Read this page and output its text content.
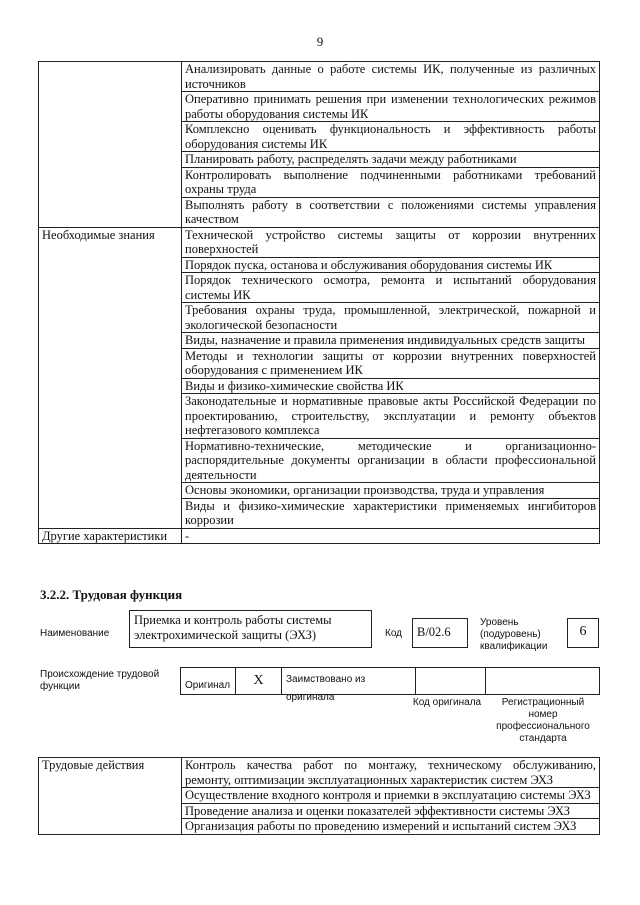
9
	Анализировать данные о работе системы ИК, полученные из различных источников
	Оперативно принимать решения при изменении технологических режимов работы оборудования системы ИК
	Комплексно оценивать функциональность и эффективность работы оборудования системы ИК
	Планировать работу, распределять задачи между работниками
	Контролировать выполнение подчиненными работниками требований охраны труда
	Выполнять работу в соответствии с положениями системы управления качеством
Необходимые знания	Технической устройство системы защиты от коррозии внутренних поверхностей
	Порядок пуска, останова и обслуживания оборудования системы ИК
	Порядок технического осмотра, ремонта и испытаний оборудования системы ИК
	Требования охраны труда, промышленной, электрической, пожарной и экологической безопасности
	Виды, назначение и правила применения индивидуальных средств защиты
	Методы и технологии защиты от коррозии внутренних поверхностей оборудования с применением ИК
	Виды и физико-химические свойства ИК
	Законодательные и нормативные правовые акты Российской Федерации по проектированию, строительству, эксплуатации и ремонту объектов нефтегазового комплекса
	Нормативно-технические, методические и организационно-распорядительные документы организации в области профессиональной деятельности
	Основы экономики, организации производства, труда и управления
	Виды и физико-химические характеристики применяемых ингибиторов коррозии
Другие характеристики	-
3.2.2. Трудовая функция
Наименование
Приемка и контроль работы системы электрохимической защиты (ЭХЗ)	Код	B/02.6
Уровень (подуровень) квалификации
6
Происхождение трудовой функции	Оригинал	X	Заимствовано из оригинала	Код оригинала	Регистрационный номер профессионального стандарта
Трудовые действия	Контроль качества работ по монтажу, техническому обслуживанию, ремонту, оптимизации эксплуатационных характеристик систем ЭХЗ
Осуществление входного контроля и приемки в эксплуатацию системы ЭХЗ
Проведение анализа и оценки показателей эффективности системы ЭХЗ
Организация работы по проведению измерений и испытаний систем ЭХЗ
